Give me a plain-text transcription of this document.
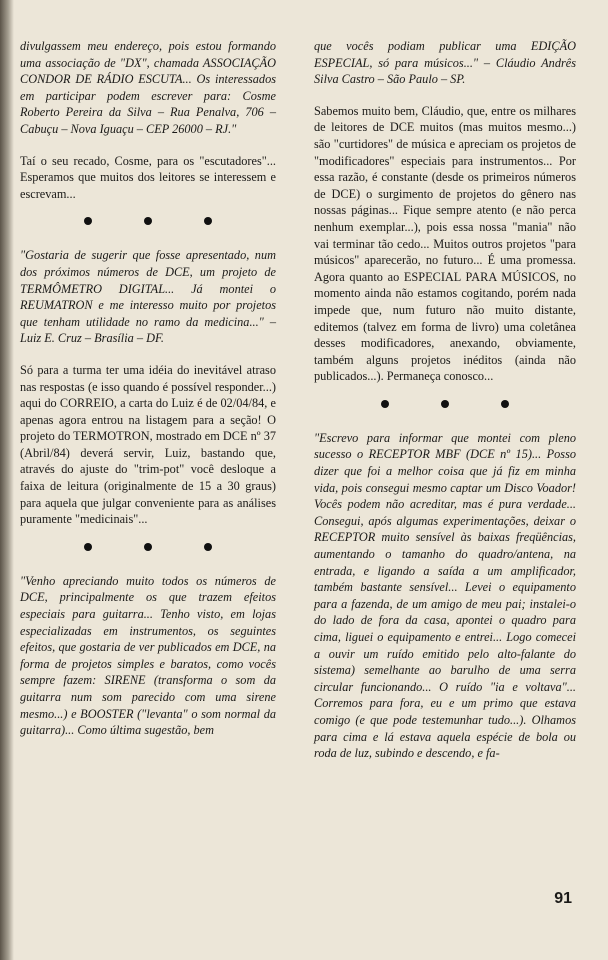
divulgassem meu endereço, pois estou formando uma associação de "DX", chamada ASSOCIAÇÃO CONDOR DE RÁDIO ESCUTA... Os interessados em participar podem escrever para: Cosme Roberto Pereira da Silva – Rua Penalva, 706 – Cabuçu – Nova Iguaçu – CEP 26000 – RJ."

Taí o seu recado, Cosme, para os "escutadores"... Esperamos que muitos dos leitores se interessem e escrevam...

"Gostaria de sugerir que fosse apresentado, num dos próximos números de DCE, um projeto de TERMÔMETRO DIGITAL... Já montei o REUMATRON e me interesso muito por projetos que tenham utilidade no ramo da medicina..." – Luiz E. Cruz – Brasília – DF.

Só para a turma ter uma idéia do inevitável atraso nas respostas (e isso quando é possível responder...) aqui do CORREIO, a carta do Luiz é de 02/04/84, e apenas agora entrou na listagem para a seção! O projeto do TERMOTRON, mostrado em DCE nº 37 (Abril/84) deverá servir, Luiz, bastando que, através do ajuste do "trim-pot" você desloque a faixa de leitura (originalmente de 15 a 30 graus) para aquela que julgar conveniente para as análises puramente "medicinais"...

"Venho apreciando muito todos os números de DCE, principalmente os que trazem efeitos especiais para guitarra... Tenho visto, em lojas especializadas em instrumentos, os seguintes efeitos, que gostaria de ver publicados em DCE, na forma de projetos simples e baratos, como vocês sempre fazem: SIRENE (transforma o som da guitarra num som parecido com uma sirene mesmo...) e BOOSTER ("levanta" o som normal da guitarra)... Como última sugestão, bem

que vocês podiam publicar uma EDIÇÃO ESPECIAL, só para músicos..." – Cláudio Andrês Silva Castro – São Paulo – SP.

Sabemos muito bem, Cláudio, que, entre os milhares de leitores de DCE muitos (mas muitos mesmo...) são "curtidores" de música e apreciam os projetos de "modificadores" especiais para instrumentos... Por essa razão, é constante (desde os primeiros números de DCE) o surgimento de projetos do gênero nas nossas páginas... Fique sempre atento (e não perca nenhum exemplar...), pois essa nossa "mania" não vai terminar tão cedo... Muitos outros projetos "para músicos" aparecerão, no futuro... É uma promessa. Agora quanto ao ESPECIAL PARA MÚSICOS, no momento ainda não estamos cogitando, porém nada impede que, num futuro não muito distante, editemos (talvez em forma de livro) uma coletânea desses modificadores, anexando, obviamente, também alguns projetos inéditos (ainda não publicados...). Permaneça conosco...

"Escrevo para informar que montei com pleno sucesso o RECEPTOR MBF (DCE nº 15)... Posso dizer que foi a melhor coisa que já fiz em minha vida, pois consegui mesmo captar um Disco Voador! Vocês podem não acreditar, mas é pura verdade... Consegui, após algumas experimentações, deixar o RECEPTOR muito sensível às baixas freqüências, aumentando o tamanho do quadro/antena, na entrada, e ligando a saída a um amplificador, também bastante sensível... Levei o equipamento para a fazenda, de um amigo de meu pai; instalei-o do lado de fora da casa, apontei o quadro para cima, liguei o equipamento e entrei... Logo comecei a ouvir um ruído emitido pelo alto-falante do sistema) semelhante ao barulho de uma serra circular funcionando... O ruído "ia e voltava"... Corremos para fora, eu e um primo que estava comigo (e que pode testemunhar tudo...). Olhamos para cima e lá estava aquela espécie de bola ou roda de luz, subindo e descendo, e fa-

91
